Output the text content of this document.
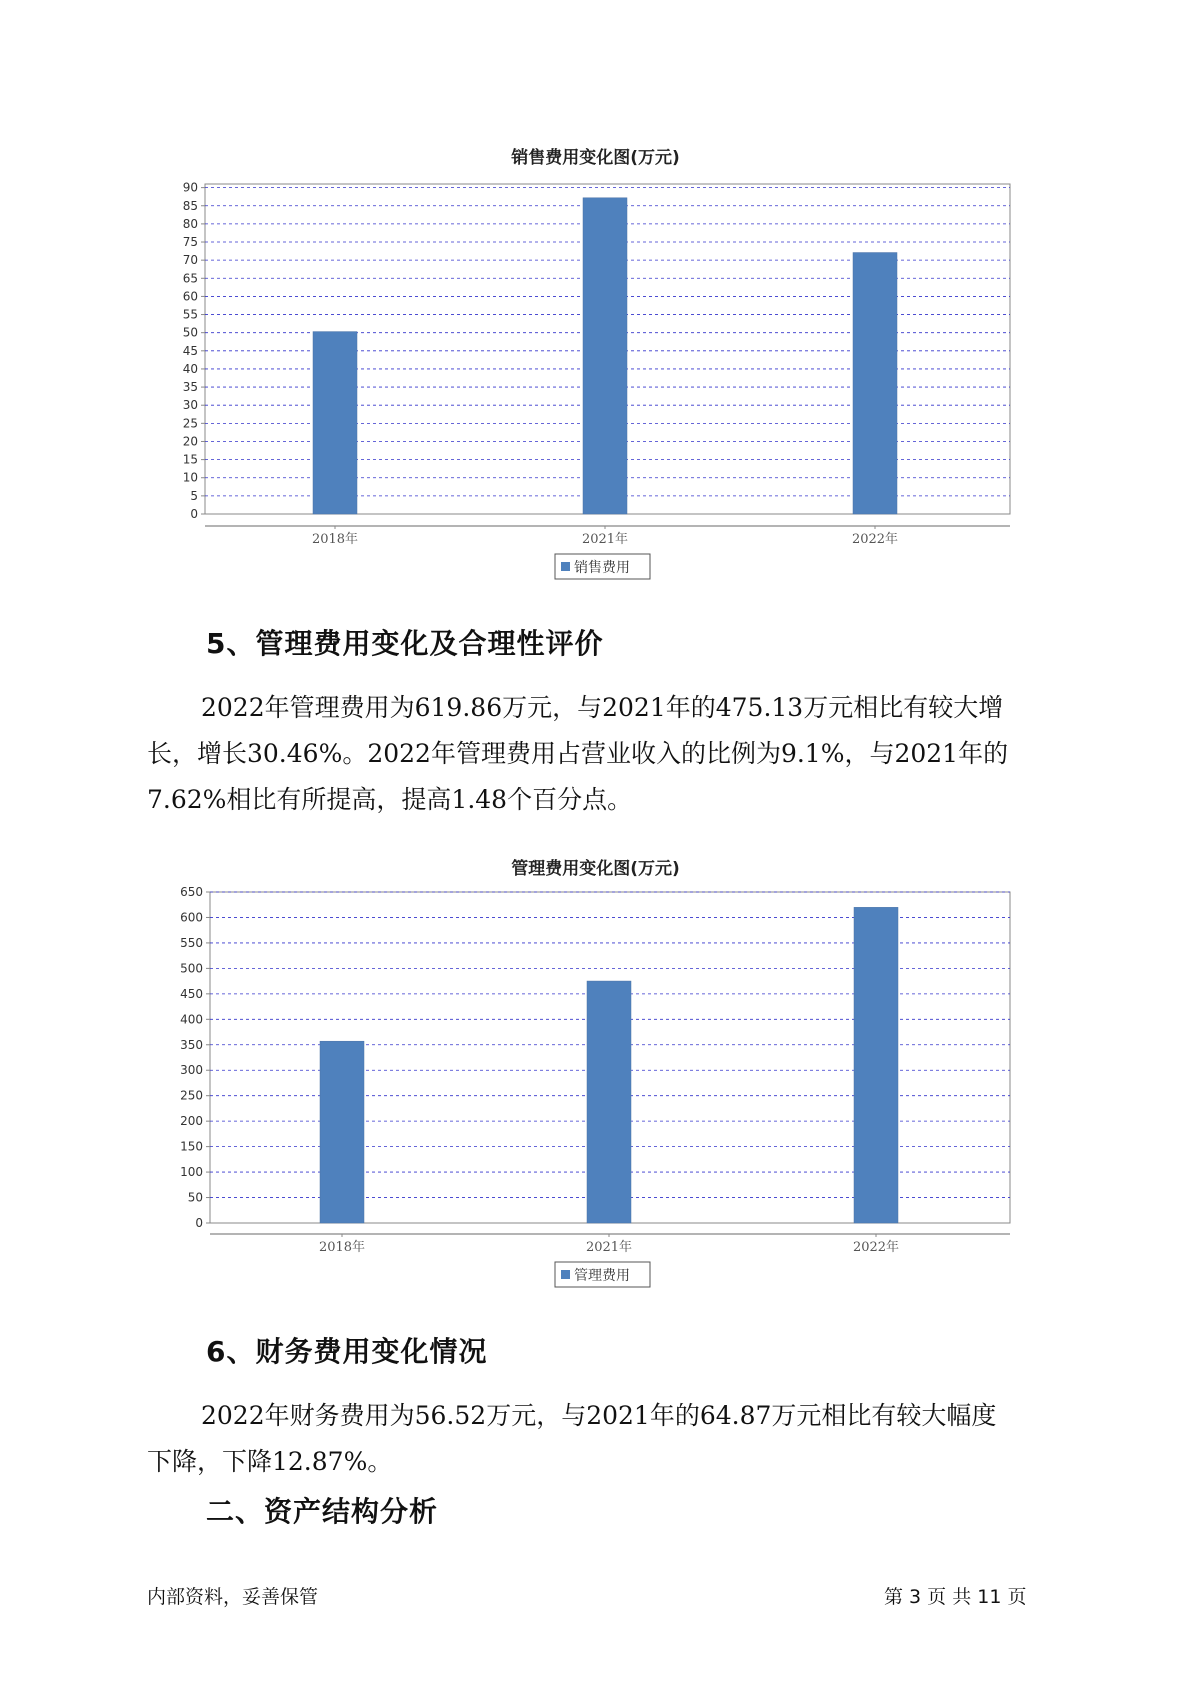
销售费用变化图(万元)
0
5
10
15
20
25
30
35
40
45
50
55
60
65
70
75
80
85
90
2018年	2021年	2022年
销售费用
5、管理费用变化及合理性评价
2022年管理费用为619.86万元，与2021年的475.13万元相比有较大增
长，增长30.46%。2022年管理费用占营业收入的比例为9.1%，与2021年的
7.62%相比有所提高，提高1.48个百分点。
管理费用变化图(万元)
0
50
100
150
200
250
300
350
400
450
500
550
600
650
2018年	2021年	2022年
管理费用
6、财务费用变化情况
2022年财务费用为56.52万元，与2021年的64.87万元相比有较大幅度
下降，下降12.87%。
二、资产结构分析
内部资料，妥善保管	第 3 页 共 11 页
